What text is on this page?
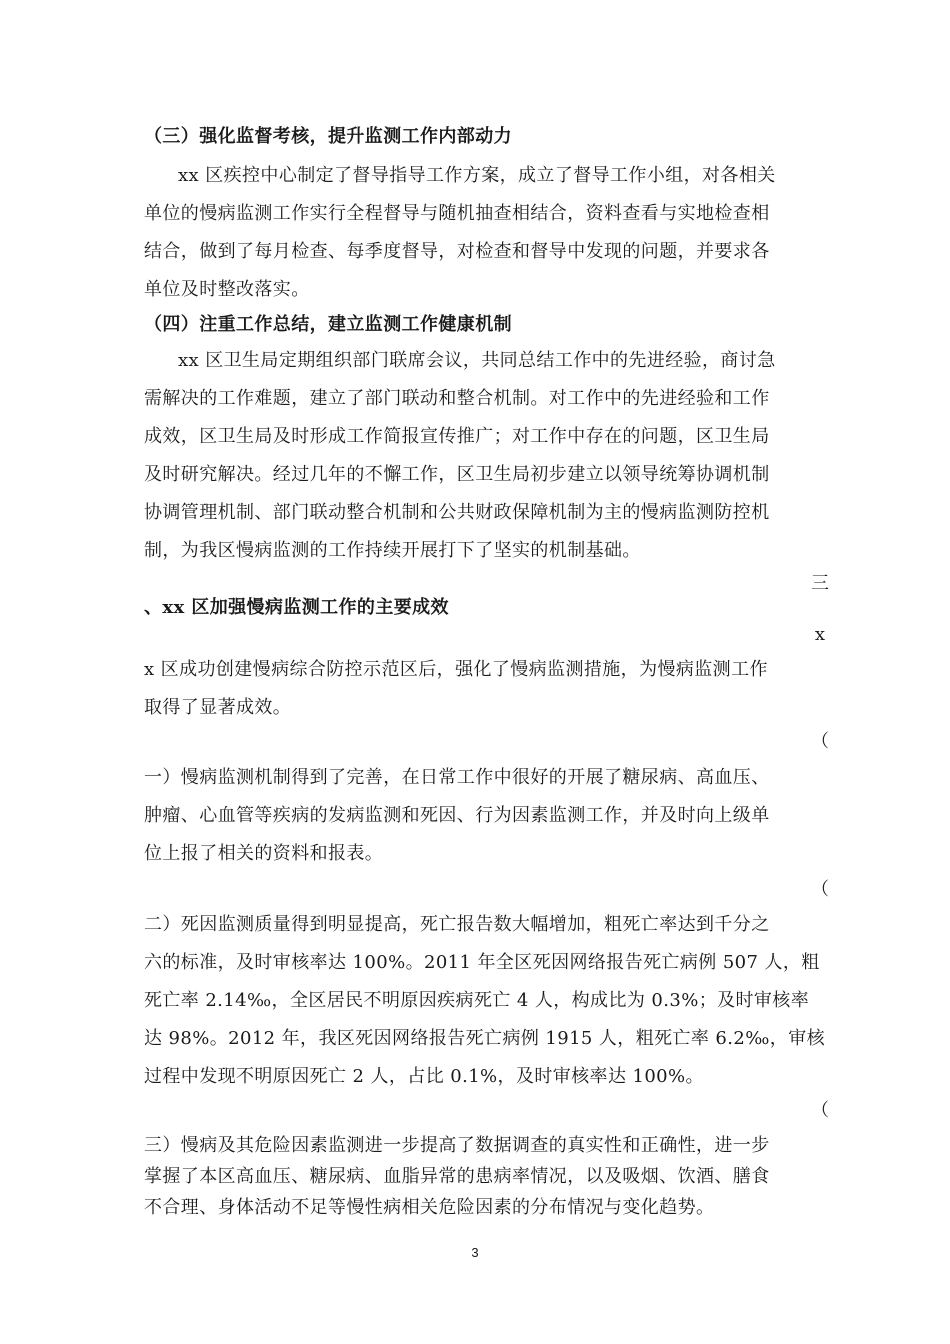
（三）强化监督考核，提升监测工作内部动力

xx 区疾控中心制定了督导指导工作方案，成立了督导工作小组，对各相关

单位的慢病监测工作实行全程督导与随机抽查相结合，资料查看与实地检查相

结合，做到了每月检查、每季度督导，对检查和督导中发现的问题，并要求各

单位及时整改落实。

（四）注重工作总结，建立监测工作健康机制

xx 区卫生局定期组织部门联席会议，共同总结工作中的先进经验，商讨急

需解决的工作难题，建立了部门联动和整合机制。对工作中的先进经验和工作

成效，区卫生局及时形成工作简报宣传推广；对工作中存在的问题，区卫生局

及时研究解决。经过几年的不懈工作，区卫生局初步建立以领导统筹协调机制

协调管理机制、部门联动整合机制和公共财政保障机制为主的慢病监测防控机

制，为我区慢病监测的工作持续开展打下了坚实的机制基础。

三

、xx 区加强慢病监测工作的主要成效

x

x 区成功创建慢病综合防控示范区后，强化了慢病监测措施，为慢病监测工作

取得了显著成效。

（

一）慢病监测机制得到了完善，在日常工作中很好的开展了糖尿病、高血压、

肿瘤、心血管等疾病的发病监测和死因、行为因素监测工作，并及时向上级单

位上报了相关的资料和报表。

（

二）死因监测质量得到明显提高，死亡报告数大幅增加，粗死亡率达到千分之

六的标准，及时审核率达 100%。2011 年全区死因网络报告死亡病例 507 人，粗

死亡率 2.14‰，全区居民不明原因疾病死亡 4 人，构成比为 0.3%；及时审核率

达 98%。2012 年，我区死因网络报告死亡病例 1915 人，粗死亡率 6.2‰，审核

过程中发现不明原因死亡 2 人，占比 0.1%，及时审核率达 100%。

（

三）慢病及其危险因素监测进一步提高了数据调查的真实性和正确性，进一步

掌握了本区高血压、糖尿病、血脂异常的患病率情况，以及吸烟、饮酒、膳食

不合理、身体活动不足等慢性病相关危险因素的分布情况与变化趋势。

3
